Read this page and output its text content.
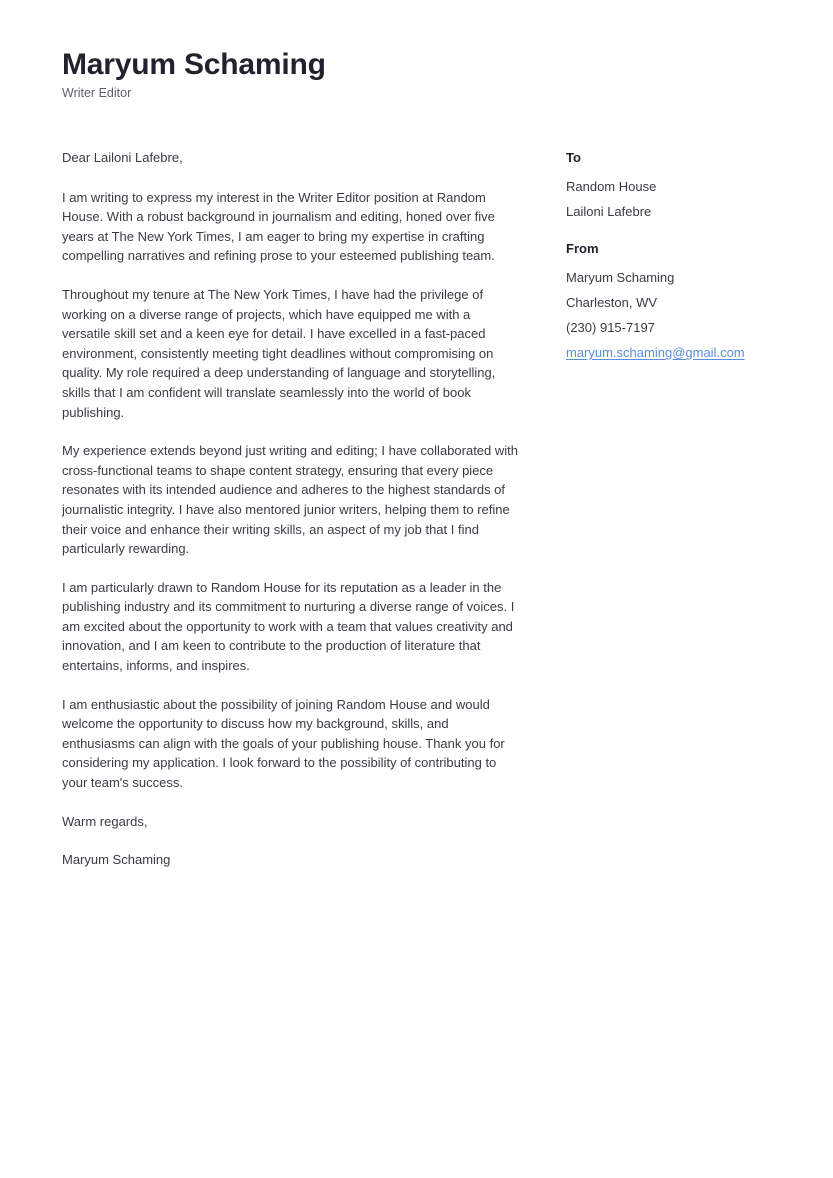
Maryum Schaming

Writer Editor

Dear Lailoni Lafebre,

I am writing to express my interest in the Writer Editor position at Random House. With a robust background in journalism and editing, honed over five years at The New York Times, I am eager to bring my expertise in crafting compelling narratives and refining prose to your esteemed publishing team.

Throughout my tenure at The New York Times, I have had the privilege of working on a diverse range of projects, which have equipped me with a versatile skill set and a keen eye for detail. I have excelled in a fast-paced environment, consistently meeting tight deadlines without compromising on quality. My role required a deep understanding of language and storytelling, skills that I am confident will translate seamlessly into the world of book publishing.

My experience extends beyond just writing and editing; I have collaborated with cross-functional teams to shape content strategy, ensuring that every piece resonates with its intended audience and adheres to the highest standards of journalistic integrity. I have also mentored junior writers, helping them to refine their voice and enhance their writing skills, an aspect of my job that I find particularly rewarding.

I am particularly drawn to Random House for its reputation as a leader in the publishing industry and its commitment to nurturing a diverse range of voices. I am excited about the opportunity to work with a team that values creativity and innovation, and I am keen to contribute to the production of literature that entertains, informs, and inspires.

I am enthusiastic about the possibility of joining Random House and would welcome the opportunity to discuss how my background, skills, and enthusiasms can align with the goals of your publishing house. Thank you for considering my application. I look forward to the possibility of contributing to your team's success.

Warm regards,

Maryum Schaming

To

Random House

Lailoni Lafebre

From

Maryum Schaming

Charleston, WV

(230) 915-7197

maryum.schaming@gmail.com
